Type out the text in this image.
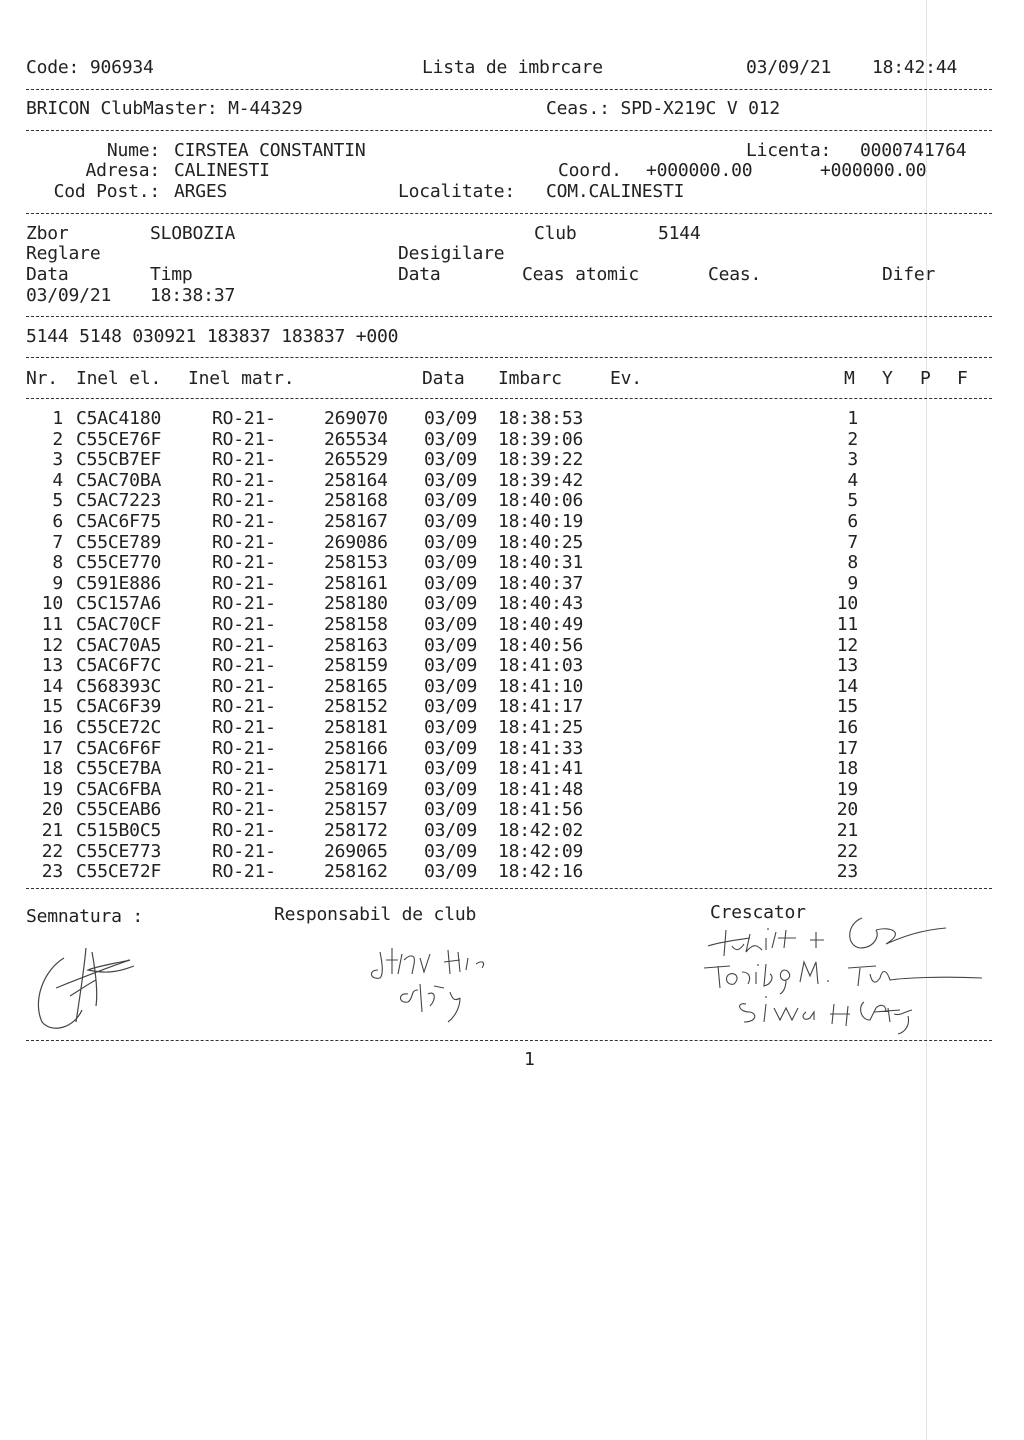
Code: 906934	Lista de imbrcare	03/09/21 18:42:44
BRICON ClubMaster: M-44329	Ceas.: SPD-X219C V 012
Nume: CIRSTEA CONSTANTIN	Licenta: 0000741764
Adresa: CALINESTI	Coord. +000000.00	+000000.00
Cod Post.: ARGES	Localitate: COM.CALINESTI
Zbor	SLOBOZIA	Club	5144
Reglare	Desigilare
Data	Timp	Data	Ceas atomic	Ceas.	Difer
03/09/21 18:38:37
5144 5148 030921 183837 183837 +000
Nr. Inel el. Inel matr.	Data Imbarc	Ev.	M Y P F
1 C5AC4180	RO-21-	269070 03/09 18:38:53	1
2 C55CE76F	RO-21-	265534 03/09 18:39:06	2
3 C55CB7EF	RO-21-	265529 03/09 18:39:22	3
4 C5AC70BA	RO-21-	258164 03/09 18:39:42	4
5 C5AC7223	RO-21-	258168 03/09 18:40:06	5
6 C5AC6F75	RO-21-	258167 03/09 18:40:19	6
7 C55CE789	RO-21-	269086 03/09 18:40:25	7
8 C55CE770	RO-21-	258153 03/09 18:40:31	8
9 C591E886	RO-21-	258161 03/09 18:40:37	9
10 C5C157A6	RO-21-	258180 03/09 18:40:43	10
11 C5AC70CF	RO-21-	258158 03/09 18:40:49	11
12 C5AC70A5	RO-21-	258163 03/09 18:40:56	12
13 C5AC6F7C	RO-21-	258159 03/09 18:41:03	13
14 C568393C	RO-21-	258165 03/09 18:41:10	14
15 C5AC6F39	RO-21-	258152 03/09 18:41:17	15
16 C55CE72C	RO-21-	258181 03/09 18:41:25	16
17 C5AC6F6F	RO-21-	258166 03/09 18:41:33	17
18 C55CE7BA	RO-21-	258171 03/09 18:41:41	18
19 C5AC6FBA	RO-21-	258169 03/09 18:41:48	19
20 C55CEAB6	RO-21-	258157 03/09 18:41:56	20
21 C515B0C5	RO-21-	258172 03/09 18:42:02	21
22 C55CE773	RO-21-	269065 03/09 18:42:09	22
23 C55CE72F	RO-21-	258162 03/09 18:42:16	23
Semnatura :	Responsabil de club	Crescator
1
